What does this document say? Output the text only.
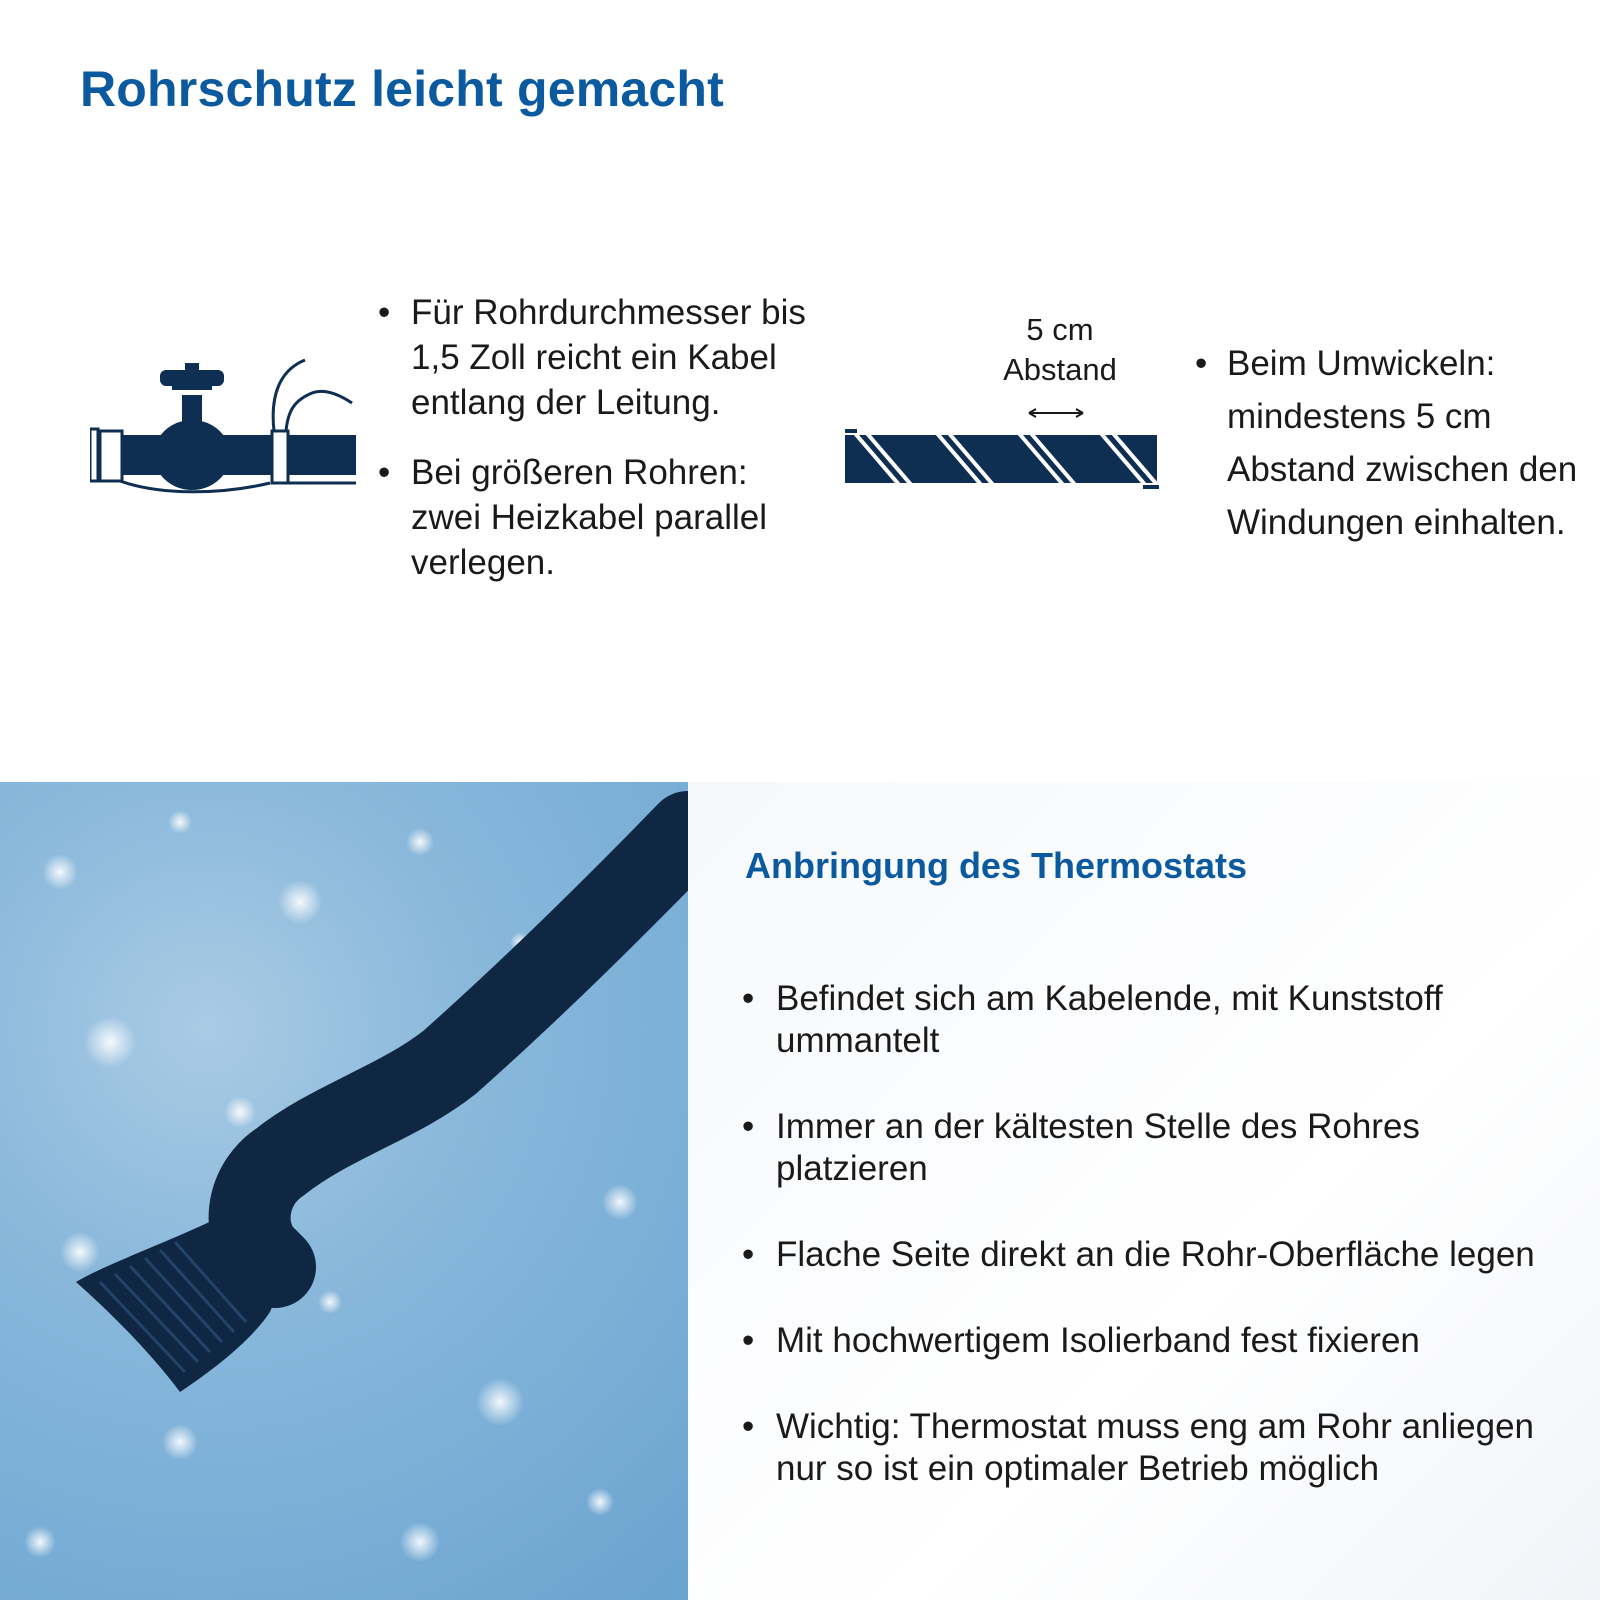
Rohrschutz leicht gemacht
• Für Rohrdurchmesser bis 1,5 Zoll reicht ein Kabel entlang der Leitung.
• Bei größeren Rohren: zwei Heizkabel parallel verlegen.
5 cm
Abstand
•	Beim Umwickeln: mindestens 5 cm Abstand zwischen den Windungen einhalten.
Anbringung des Thermostats
• Befindet sich am Kabelende, mit Kunststoff ummantelt
• Immer an der kältesten Stelle des Rohres platzieren
• Flache Seite direkt an die Rohr-Oberfläche legen
• Mit hochwertigem Isolierband fest fixieren
• Wichtig: Thermostat muss eng am Rohr anliegen nur so ist ein optimaler Betrieb möglich
